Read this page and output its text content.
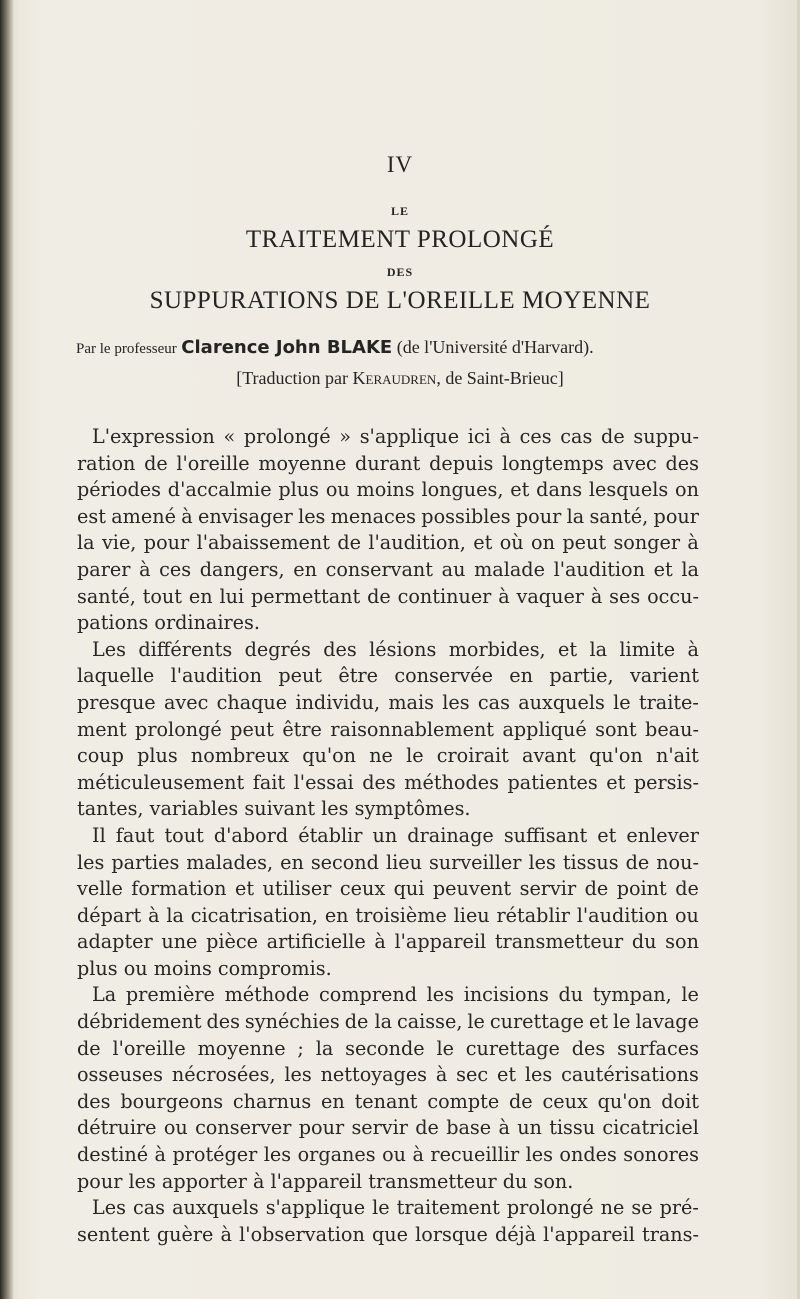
IV
LE
TRAITEMENT PROLONGÉ
DES
SUPPURATIONS DE L'OREILLE MOYENNE
Par le professeur Clarence John BLAKE (de l'Université d'Harvard).
[Traduction par Keraudren, de Saint-Brieuc]
L'expression « prolongé » s'applique ici à ces cas de suppu-
ration de l'oreille moyenne durant depuis longtemps avec des
périodes d'accalmie plus ou moins longues, et dans lesquels on
est amené à envisager les menaces possibles pour la santé, pour
la vie, pour l'abaissement de l'audition, et où on peut songer à
parer à ces dangers, en conservant au malade l'audition et la
santé, tout en lui permettant de continuer à vaquer à ses occu-
pations ordinaires.
Les différents degrés des lésions morbides, et la limite à
laquelle l'audition peut être conservée en partie, varient
presque avec chaque individu, mais les cas auxquels le traite-
ment prolongé peut être raisonnablement appliqué sont beau-
coup plus nombreux qu'on ne le croirait avant qu'on n'ait
méticuleusement fait l'essai des méthodes patientes et persis-
tantes, variables suivant les symptômes.
Il faut tout d'abord établir un drainage suffisant et enlever
les parties malades, en second lieu surveiller les tissus de nou-
velle formation et utiliser ceux qui peuvent servir de point de
départ à la cicatrisation, en troisième lieu rétablir l'audition ou
adapter une pièce artificielle à l'appareil transmetteur du son
plus ou moins compromis.
La première méthode comprend les incisions du tympan, le
débridement des synéchies de la caisse, le curettage et le lavage
de l'oreille moyenne ; la seconde le curettage des surfaces
osseuses nécrosées, les nettoyages à sec et les cautérisations
des bourgeons charnus en tenant compte de ceux qu'on doit
détruire ou conserver pour servir de base à un tissu cicatriciel
destiné à protéger les organes ou à recueillir les ondes sonores
pour les apporter à l'appareil transmetteur du son.
Les cas auxquels s'applique le traitement prolongé ne se pré-
sentent guère à l'observation que lorsque déjà l'appareil trans-
